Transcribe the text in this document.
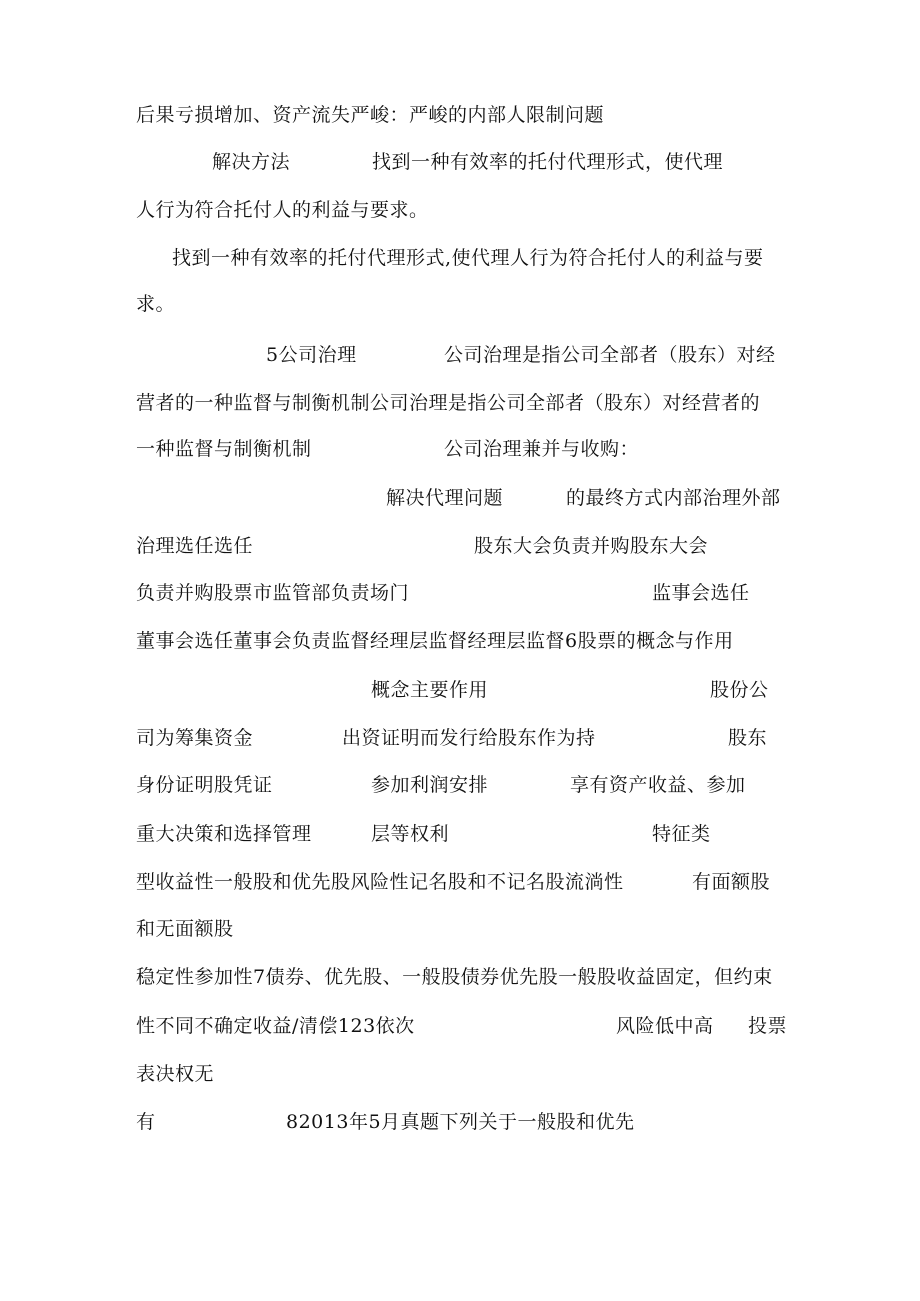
后果亏损增加、资产流失严峻：严峻的内部人限制问题
解决方法	找到一种有效率的托付代理形式，使代理
人行为符合托付人的利益与要求。
找到一种有效率的托付代理形式,使代理人行为符合托付人的利益与要
求。
5公司治理	公司治理是指公司全部者（股东）对经
营者的一种监督与制衡机制公司治理是指公司全部者（股东）对经营者的
一种监督与制衡机制	公司治理兼并与收购：
解决代理问题	的最终方式内部治理外部
治理选任选任	股东大会负责并购股东大会
负责并购股票市监管部负责场门	监事会选任
董事会选任董事会负责监督经理层监督经理层监督6股票的概念与作用
概念主要作用	股份公
司为筹集资金	出资证明而发行给股东作为持	股东
身份证明股凭证	参加利润安排	享有资产收益、参加
重大决策和选择管理	层等权利	特征类
型收益性一般股和优先股风险性记名股和不记名股流淌性	有面额股
和无面额股
稳定性参加性7债券、优先股、一般股债券优先股一般股收益固定，但约束
性不同不确定收益/清偿123依次	风险低中高 投票
表决权无
有	82013年5月真题下列关于一般股和优先
